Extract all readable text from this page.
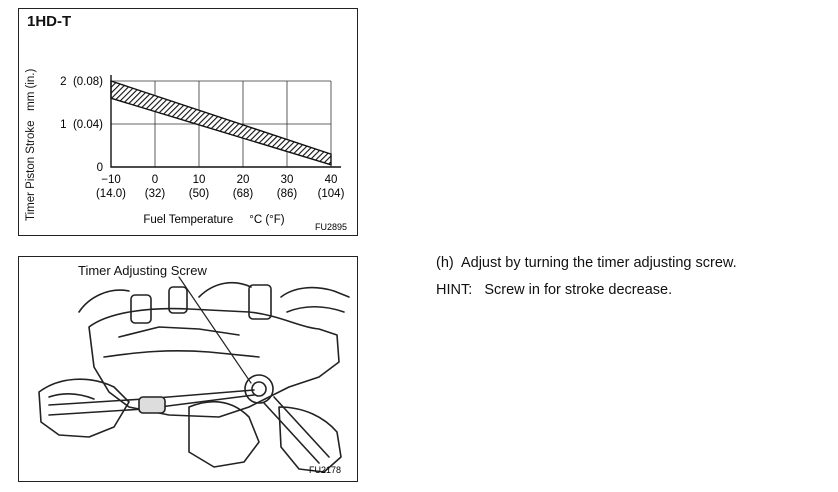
1HD-T
Timer Piston Stroke   mm (in.)	0
1  (0.04)
2  (0.08)
−10
(14.0)
0
(32)
10
(50)
20
(68)
30
(86)
40
(104)
Fuel Temperature     °C (°F)
FU2895
FU2178
Timer Adjusting Screw	(h)  Adjust by turning the timer adjusting screw.
HINT:   Screw in for stroke decrease.
